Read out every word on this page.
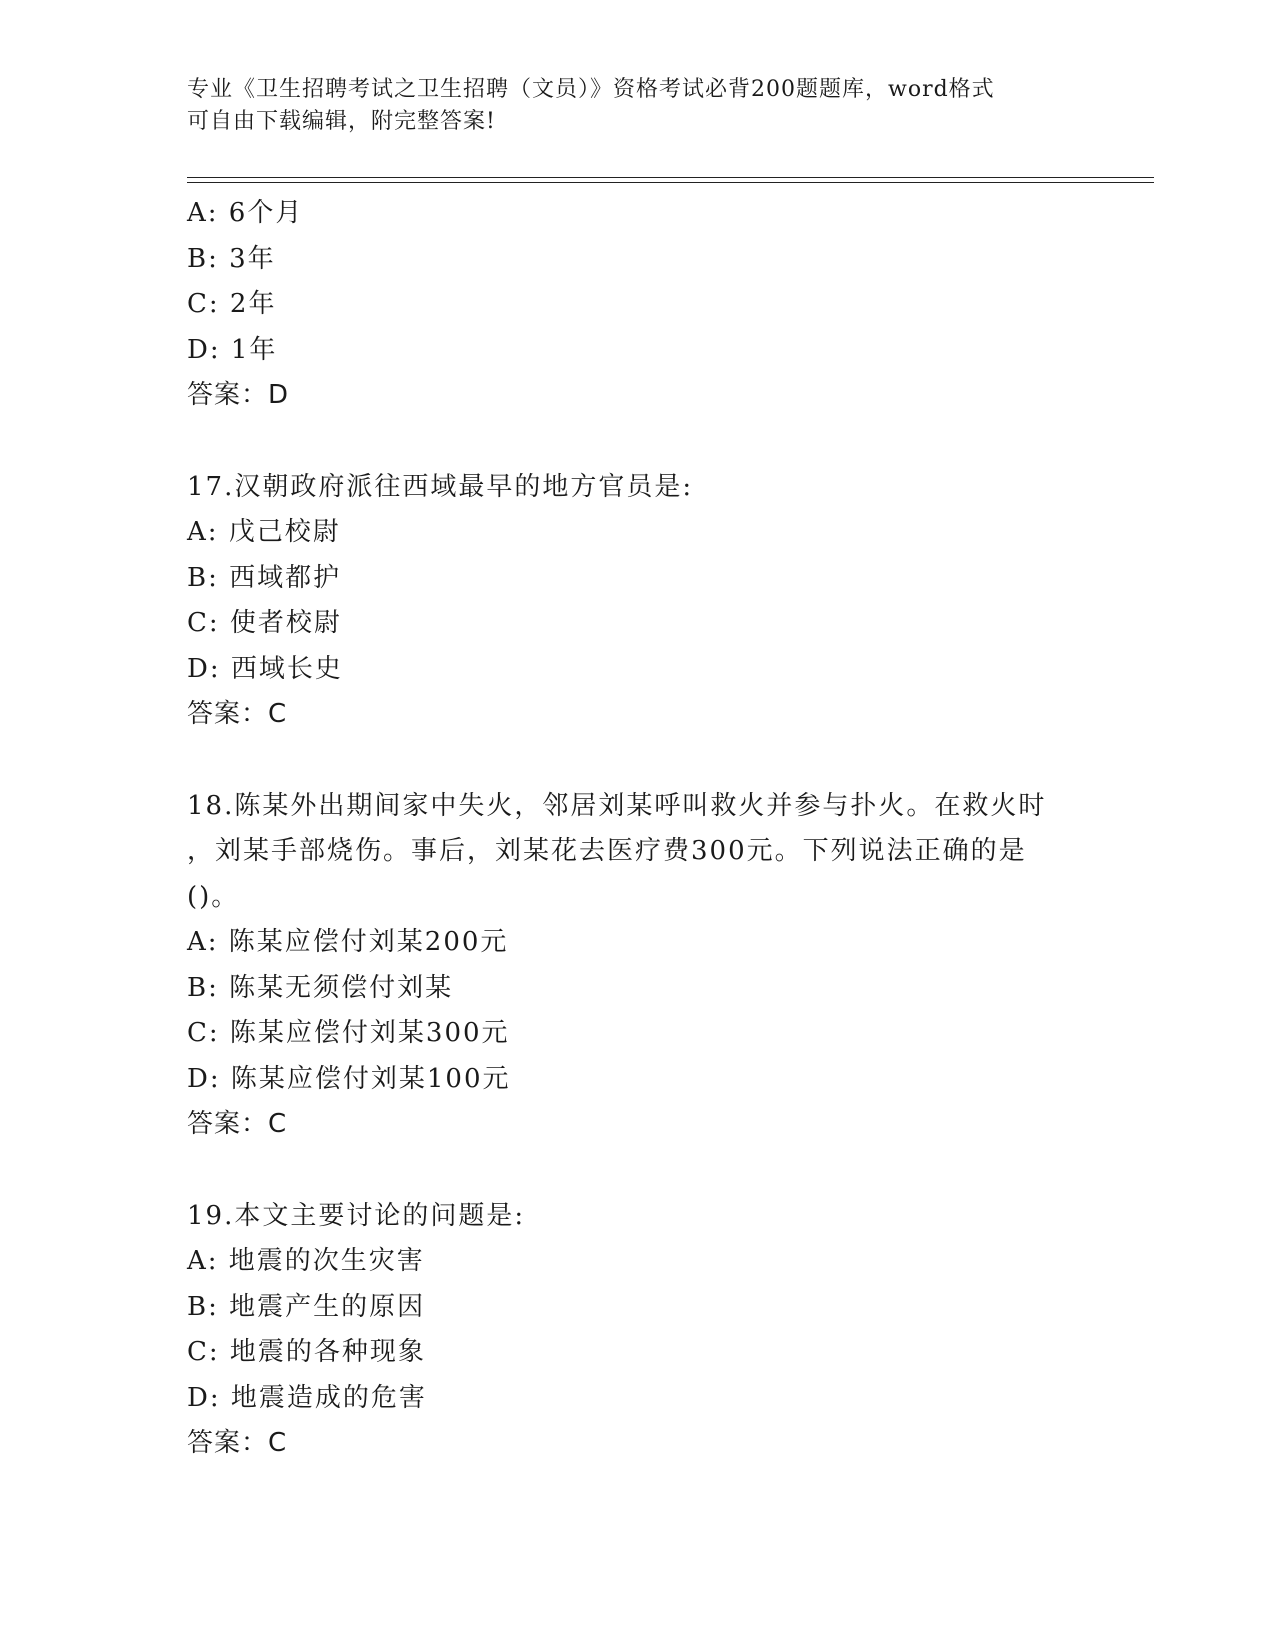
专业《卫生招聘考试之卫生招聘（文员）》资格考试必背200题题库，word格式
可自由下载编辑，附完整答案!
A: 6个月
B: 3年
C: 2年
D: 1年
答案：D
17.汉朝政府派往西域最早的地方官员是:
A: 戊己校尉
B: 西域都护
C: 使者校尉
D: 西域长史
答案：C
18.陈某外出期间家中失火，邻居刘某呼叫救火并参与扑火。在救火时
，刘某手部烧伤。事后，刘某花去医疗费300元。下列说法正确的是
()。
A: 陈某应偿付刘某200元
B: 陈某无须偿付刘某
C: 陈某应偿付刘某300元
D: 陈某应偿付刘某100元
答案：C
19.本文主要讨论的问题是:
A: 地震的次生灾害
B: 地震产生的原因
C: 地震的各种现象
D: 地震造成的危害
答案：C
